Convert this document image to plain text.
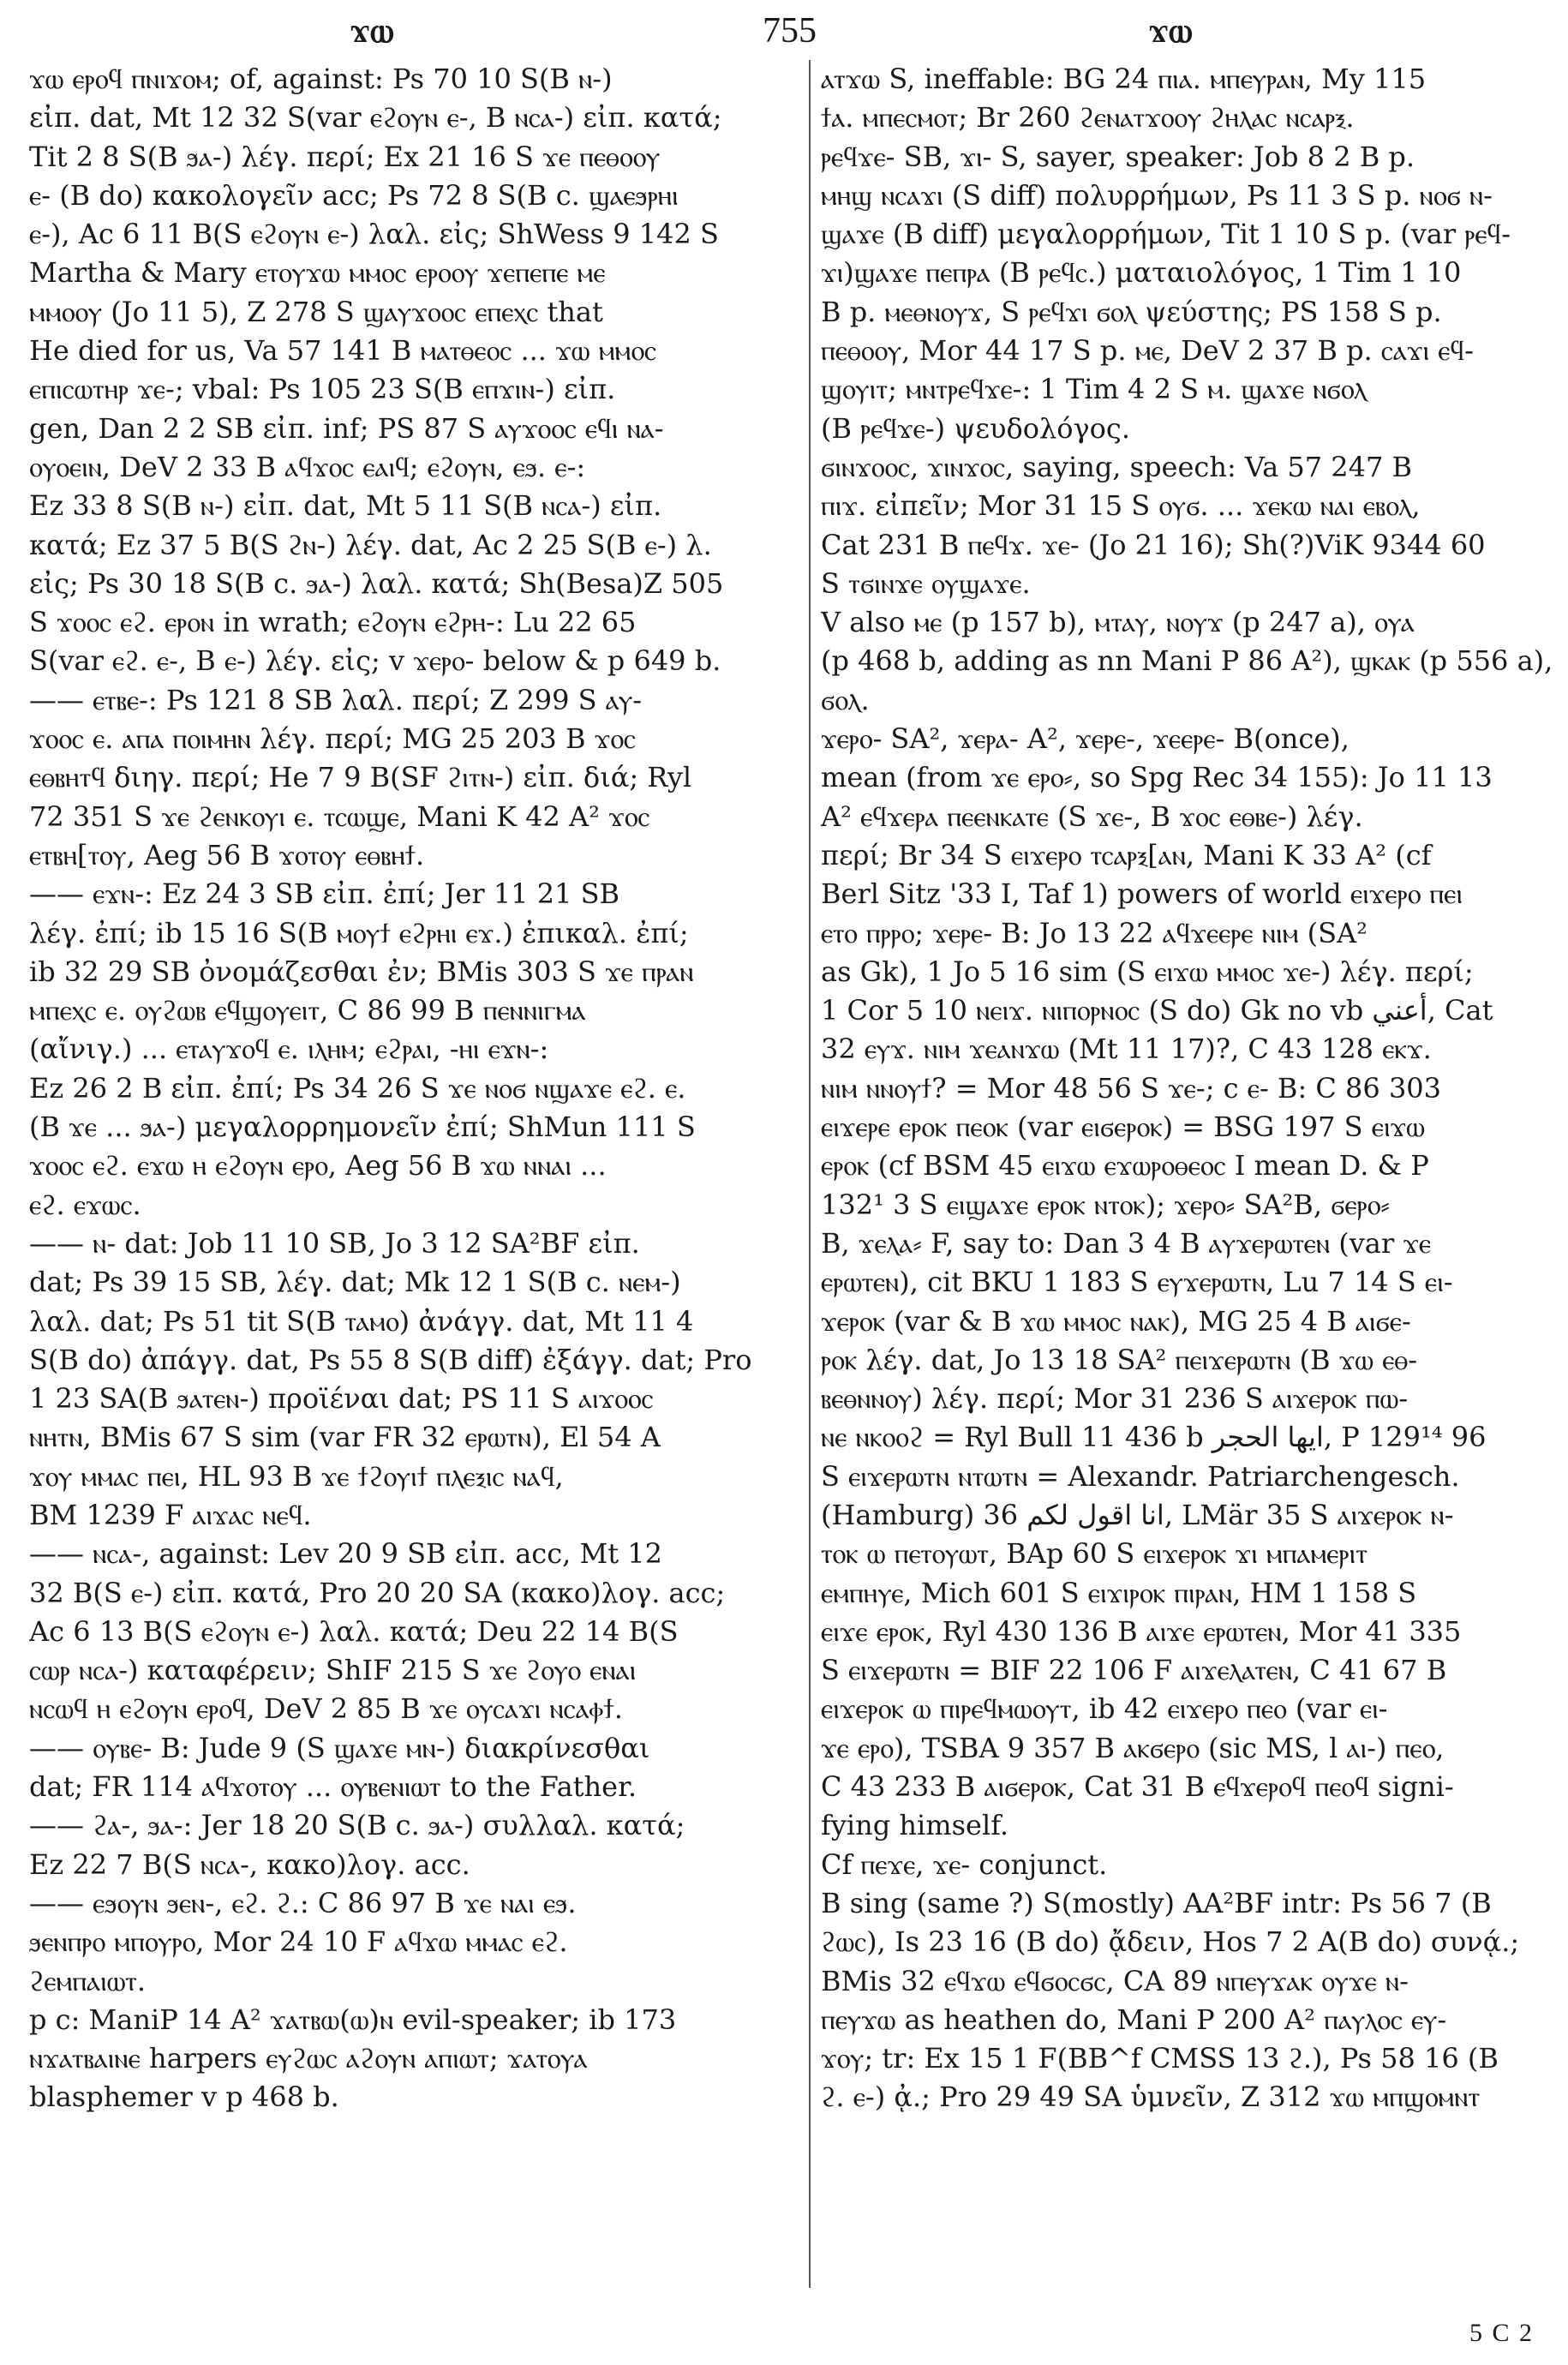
ϫⲱ	755	ϫⲱ
ϫⲱ ⲉⲣⲟϥ ⲡⲛⲓϫⲟⲙ; of, against: Ps 70 10 S(B ⲛ-)
εἰπ. dat, Mt 12 32 S(var ⲉϩⲟⲩⲛ ⲉ-, B ⲛⲥⲁ-) εἰπ. κατά;
Tit 2 8 S(B ϧⲁ-) λέγ. περί; Ex 21 16 S ϫⲉ ⲡⲉⲑⲟⲟⲩ
ⲉ- (B do) κακολογεῖν acc; Ps 72 8 S(B c. ϣⲁⲉϧⲣⲏⲓ
ⲉ-), Ac 6 11 B(S ⲉϩⲟⲩⲛ ⲉ-) λαλ. εἰς; ShWess 9 142 S
Martha & Mary ⲉⲧⲟⲩϫⲱ ⲙⲙⲟⲥ ⲉⲣⲟⲟⲩ ϫⲉⲡⲉⲡⲉ ⲙⲉ
ⲙⲙⲟⲟⲩ (Jo 11 5), Z 278 S ϣⲁⲩϫⲟⲟⲥ ⲉⲡⲉⲭⲥ that
He died for us, Va 57 141 B ⲙⲁⲧⲑⲉⲟⲥ ... ϫⲱ ⲙⲙⲟⲥ
ⲉⲡⲓⲥⲱⲧⲏⲣ ϫⲉ-; vbal: Ps 105 23 S(B ⲉⲡϫⲓⲛ-) εἰπ.
gen, Dan 2 2 SB εἰπ. inf; PS 87 S ⲁⲩϫⲟⲟⲥ ⲉϥⲓ ⲛⲁ-
ⲟⲩⲟⲉⲓⲛ, DeV 2 33 B ⲁϥϫⲟⲥ ⲉⲁⲓϥ; ⲉϩⲟⲩⲛ, ⲉϧ. ⲉ-:
Ez 33 8 S(B ⲛ-) εἰπ. dat, Mt 5 11 S(B ⲛⲥⲁ-) εἰπ.
κατά; Ez 37 5 B(S ϩⲛ-) λέγ. dat, Ac 2 25 S(B ⲉ-) λ.
εἰς; Ps 30 18 S(B c. ϧⲁ-) λαλ. κατά; Sh(Besa)Z 505
S ϫⲟⲟⲥ ⲉϩ. ⲉⲣⲟⲛ in wrath; ⲉϩⲟⲩⲛ ⲉϩⲣⲏ-: Lu 22 65
S(var ⲉϩ. ⲉ-, B ⲉ-) λέγ. εἰς; v ϫⲉⲣⲟ- below & p 649 b.
—— ⲉⲧⲃⲉ-: Ps 121 8 SB λαλ. περί; Z 299 S ⲁⲩ-
ϫⲟⲟⲥ ⲉ. ⲁⲡⲁ ⲡⲟⲓⲙⲏⲛ λέγ. περί; MG 25 203 B ϫⲟⲥ
ⲉⲑⲃⲏⲧϥ διηγ. περί; He 7 9 B(SF ϩⲓⲧⲛ-) εἰπ. διά; Ryl
72 351 S ϫⲉ ϩⲉⲛⲕⲟⲩⲓ ⲉ. ⲧⲥⲱϣⲉ, Mani K 42 A² ϫⲟⲥ
ⲉⲧⲃⲏ[ⲧⲟⲩ, Aeg 56 B ϫⲟⲧⲟⲩ ⲉⲑⲃⲏϯ.
—— ⲉϫⲛ-: Ez 24 3 SB εἰπ. ἐπί; Jer 11 21 SB
λέγ. ἐπί; ib 15 16 S(B ⲙⲟⲩϯ ⲉϩⲣⲏⲓ ⲉϫ.) ἐπικαλ. ἐπί;
ib 32 29 SB ὀνομάζεσθαι ἐν; BMis 303 S ϫⲉ ⲡⲣⲁⲛ
ⲙⲡⲉⲭⲥ ⲉ. ⲟⲩϩⲱⲃ ⲉϥϣⲟⲩⲉⲓⲧ, C 86 99 B ⲡⲉⲛⲛⲓⲅⲙⲁ
(αἴνιγ.) ... ⲉⲧⲁⲩϫⲟϥ ⲉ. ⲓⲗⲏⲙ; ⲉϩⲣⲁⲓ, -ⲏⲓ ⲉϫⲛ-:
Ez 26 2 B εἰπ. ἐπί; Ps 34 26 S ϫⲉ ⲛⲟϭ ⲛϣⲁϫⲉ ⲉϩ. ⲉ.
(B ϫⲉ ... ϧⲁ-) μεγαλορρημονεῖν ἐπί; ShMun 111 S
ϫⲟⲟⲥ ⲉϩ. ⲉϫⲱ ⲏ ⲉϩⲟⲩⲛ ⲉⲣⲟ, Aeg 56 B ϫⲱ ⲛⲛⲁⲓ ...
ⲉϩ. ⲉϫⲱⲥ.
—— ⲛ- dat: Job 11 10 SB, Jo 3 12 SA²BF εἰπ.
dat; Ps 39 15 SB, λέγ. dat; Mk 12 1 S(B c. ⲛⲉⲙ-)
λαλ. dat; Ps 51 tit S(B ⲧⲁⲙⲟ) ἀνάγγ. dat, Mt 11 4
S(B do) ἀπάγγ. dat, Ps 55 8 S(B diff) ἐξάγγ. dat; Pro
1 23 SA(B ϧⲁⲧⲉⲛ-) προϊέναι dat; PS 11 S ⲁⲓϫⲟⲟⲥ
ⲛⲏⲧⲛ, BMis 67 S sim (var FR 32 ⲉⲣⲱⲧⲛ), El 54 A
ϫⲟⲩ ⲙⲙⲁⲥ ⲡⲉⲓ, HL 93 B ϫⲉ ϯϩⲟⲩⲓϯ ⲡⲗⲉⲝⲓⲥ ⲛⲁϥ,
BM 1239 F ⲁⲓϫⲁⲥ ⲛⲉϥ.
—— ⲛⲥⲁ-, against: Lev 20 9 SB εἰπ. acc, Mt 12
32 B(S ⲉ-) εἰπ. κατά, Pro 20 20 SA (κακο)λογ. acc;
Ac 6 13 B(S ⲉϩⲟⲩⲛ ⲉ-) λαλ. κατά; Deu 22 14 B(S
ⲥⲱⲣ ⲛⲥⲁ-) καταφέρειν; ShIF 215 S ϫⲉ ϩⲟⲩⲟ ⲉⲛⲁⲓ
ⲛⲥⲱϥ ⲏ ⲉϩⲟⲩⲛ ⲉⲣⲟϥ, DeV 2 85 B ϫⲉ ⲟⲩⲥⲁϫⲓ ⲛⲥⲁⲫϯ.
—— ⲟⲩⲃⲉ- B: Jude 9 (S ϣⲁϫⲉ ⲙⲛ-) διακρίνεσθαι
dat; FR 114 ⲁϥϫⲟⲧⲟⲩ ... ⲟⲩⲃⲉⲛⲓⲱⲧ to the Father.
—— ϩⲁ-, ϧⲁ-: Jer 18 20 S(B c. ϧⲁ-) συλλαλ. κατά;
Ez 22 7 B(S ⲛⲥⲁ-, κακο)λογ. acc.
—— ⲉϧⲟⲩⲛ ϧⲉⲛ-, ⲉϩ. ϩ.: C 86 97 B ϫⲉ ⲛⲁⲓ ⲉϧ.
ϧⲉⲛⲡⲣⲟ ⲙⲡⲟⲩⲣⲟ, Mor 24 10 F ⲁϥϫⲱ ⲙⲙⲁⲥ ⲉϩ.
ϩⲉⲙⲡⲁⲓⲱⲧ.
p c: ManiP 14 A² ϫⲁⲧⲃⲱ(ⲱ)ⲛ evil-speaker; ib 173
ⲛϫⲁⲧⲃⲁⲓⲛⲉ harpers ⲉⲩϩⲱⲥ ⲁϩⲟⲩⲛ ⲁⲡⲓⲱⲧ; ϫⲁⲧⲟⲩⲁ
blasphemer v p 468 b.
ⲁⲧϫⲱ S, ineffable: BG 24 ⲡⲓⲁ. ⲙⲡⲉⲩⲣⲁⲛ, My 115
ϯⲁ. ⲙⲡⲉⲥⲙⲟⲧ; Br 260 ϩⲉⲛⲁⲧϫⲟⲟⲩ ϩⲏⲗⲁⲥ ⲛⲥⲁⲣⲝ.
ⲣⲉϥϫⲉ- SB, ϫⲓ- S, sayer, speaker: Job 8 2 B p.
ⲙⲏϣ ⲛⲥⲁϫⲓ (S diff) πολυρρήμων, Ps 11 3 S p. ⲛⲟϭ ⲛ-
ϣⲁϫⲉ (B diff) μεγαλορρήμων, Tit 1 10 S p. (var ⲣⲉϥ-
ϫⲓ)ϣⲁϫⲉ ⲡⲉⲡⲣⲁ (B ⲣⲉϥⲥ.) ματαιολόγος, 1 Tim 1 10
B p. ⲙⲉⲑⲛⲟⲩϫ, S ⲣⲉϥϫⲓ ϭⲟⲗ ψεύστης; PS 158 S p.
ⲡⲉⲑⲟⲟⲩ, Mor 44 17 S p. ⲙⲉ, DeV 2 37 B p. ⲥⲁϫⲓ ⲉϥ-
ϣⲟⲩⲓⲧ; ⲙⲛⲧⲣⲉϥϫⲉ-: 1 Tim 4 2 S ⲙ. ϣⲁϫⲉ ⲛϭⲟⲗ
(B ⲣⲉϥϫⲉ-) ψευδολόγος.
ϭⲓⲛϫⲟⲟⲥ, ϫⲓⲛϫⲟⲥ, saying, speech: Va 57 247 B
ⲡⲓϫ. εἰπεῖν; Mor 31 15 S ⲟⲩϭ. ... ϫⲉⲕⲱ ⲛⲁⲓ ⲉⲃⲟⲗ,
Cat 231 B ⲡⲉϥϫ. ϫⲉ- (Jo 21 16); Sh(?)ViK 9344 60
S ⲧϭⲓⲛϫⲉ ⲟⲩϣⲁϫⲉ.
V also ⲙⲉ (p 157 b), ⲙⲧⲁⲩ, ⲛⲟⲩϫ (p 247 a), ⲟⲩⲁ
(p 468 b, adding as nn Mani P 86 A²), ϣⲕⲁⲕ (p 556 a),
ϭⲟⲗ.
ϫⲉⲣⲟ- SA², ϫⲉⲣⲁ- A², ϫⲉⲣⲉ-, ϫⲉⲉⲣⲉ- B(once),
mean (from ϫⲉ ⲉⲣⲟ⸗, so Spg Rec 34 155): Jo 11 13
A² ⲉϥϫⲉⲣⲁ ⲡⲉⲉⲛⲕⲁⲧⲉ (S ϫⲉ-, B ϫⲟⲥ ⲉⲑⲃⲉ-) λέγ.
περί; Br 34 S ⲉⲓϫⲉⲣⲟ ⲧⲥⲁⲣⲝ[ⲁⲛ, Mani K 33 A² (cf
Berl Sitz '33 I, Taf 1) powers of world ⲉⲓϫⲉⲣⲟ ⲡⲉⲓ
ⲉⲧⲟ ⲡⲣⲣⲟ; ϫⲉⲣⲉ- B: Jo 13 22 ⲁϥϫⲉⲉⲣⲉ ⲛⲓⲙ (SA²
as Gk), 1 Jo 5 16 sim (S ⲉⲓϫⲱ ⲙⲙⲟⲥ ϫⲉ-) λέγ. περί;
1 Cor 5 10 ⲛⲉⲓϫ. ⲛⲓⲡⲟⲣⲛⲟⲥ (S do) Gk no vb أعني, Cat
32 ⲉⲩϫ. ⲛⲓⲙ ϫⲉⲁⲛϫⲱ (Mt 11 17)?, C 43 128 ⲉⲕϫ.
ⲛⲓⲙ ⲛⲛⲟⲩϯ? = Mor 48 56 S ϫⲉ-; c ⲉ- B: C 86 303
ⲉⲓϫⲉⲣⲉ ⲉⲣⲟⲕ ⲡⲉⲟⲕ (var ⲉⲓϭⲉⲣⲟⲕ) = BSG 197 S ⲉⲓϫⲱ
ⲉⲣⲟⲕ (cf BSM 45 ⲉⲓϫⲱ ⲉϫⲱⲣⲟⲑⲉⲟⲥ I mean D. & P
132¹ 3 S ⲉⲓϣⲁϫⲉ ⲉⲣⲟⲕ ⲛⲧⲟⲕ); ϫⲉⲣⲟ⸗ SA²B, ϭⲉⲣⲟ⸗
B, ϫⲉⲗⲁ⸗ F, say to: Dan 3 4 B ⲁⲩϫⲉⲣⲱⲧⲉⲛ (var ϫⲉ
ⲉⲣⲱⲧⲉⲛ), cit BKU 1 183 S ⲉⲩϫⲉⲣⲱⲧⲛ, Lu 7 14 S ⲉⲓ-
ϫⲉⲣⲟⲕ (var & B ϫⲱ ⲙⲙⲟⲥ ⲛⲁⲕ), MG 25 4 B ⲁⲓϭⲉ-
ⲣⲟⲕ λέγ. dat, Jo 13 18 SA² ⲡⲉⲓϫⲉⲣⲱⲧⲛ (B ϫⲱ ⲉⲑ-
ⲃⲉⲑⲛⲛⲟⲩ) λέγ. περί; Mor 31 236 S ⲁⲓϫⲉⲣⲟⲕ ⲡⲱ-
ⲛⲉ ⲛⲕⲟⲟϩ = Ryl Bull 11 436 b ايها الحجر, P 129¹⁴ 96
S ⲉⲓϫⲉⲣⲱⲧⲛ ⲛⲧⲱⲧⲛ = Alexandr. Patriarchengesch.
(Hamburg) 36 انا اقول لكم, LMär 35 S ⲁⲓϫⲉⲣⲟⲕ ⲛ-
ⲧⲟⲕ ⲱ ⲡⲉⲧⲟⲩⲱⲧ, BAp 60 S ⲉⲓϫⲉⲣⲟⲕ ϫⲓ ⲙⲡⲁⲙⲉⲣⲓⲧ
ⲉⲙⲡⲏⲩⲉ, Mich 601 S ⲉⲓϫⲓⲣⲟⲕ ⲡⲓⲣⲁⲛ, HM 1 158 S
ⲉⲓϫⲉ ⲉⲣⲟⲕ, Ryl 430 136 B ⲁⲓϫⲉ ⲉⲣⲱⲧⲉⲛ, Mor 41 335
S ⲉⲓϫⲉⲣⲱⲧⲛ = BIF 22 106 F ⲁⲓϫⲉⲗⲁⲧⲉⲛ, C 41 67 B
ⲉⲓϫⲉⲣⲟⲕ ⲱ ⲡⲓⲣⲉϥⲙⲱⲟⲩⲧ, ib 42 ⲉⲓϫⲉⲣⲟ ⲡⲉⲟ (var ⲉⲓ-
ϫⲉ ⲉⲣⲟ), TSBA 9 357 B ⲁⲕϭⲉⲣⲟ (sic MS, l ⲁⲓ-) ⲡⲉⲟ,
C 43 233 B ⲁⲓϭⲉⲣⲟⲕ, Cat 31 B ⲉϥϫⲉⲣⲟϥ ⲡⲉⲟϥ signi-
fying himself.
Cf ⲡⲉϫⲉ, ϫⲉ- conjunct.
B sing (same ?) S(mostly) AA²BF intr: Ps 56 7 (B
ϩⲱⲥ), Is 23 16 (B do) ᾄδειν, Hos 7 2 A(B do) συνᾴ.;
BMis 32 ⲉϥϫⲱ ⲉϥϭⲟⲥϭⲥ, CA 89 ⲛⲡⲉⲩϫⲁⲕ ⲟⲩϫⲉ ⲛ-
ⲡⲉⲩϫⲱ as heathen do, Mani P 200 A² ⲡⲁⲩⲗⲟⲥ ⲉⲩ-
ϫⲟⲩ; tr: Ex 15 1 F(BB^f CMSS 13 ϩ.), Ps 58 16 (B
ϩ. ⲉ-) ᾀ.; Pro 29 49 SA ὑμνεῖν, Z 312 ϫⲱ ⲙⲡϣⲟⲙⲛⲧ
5 C 2
